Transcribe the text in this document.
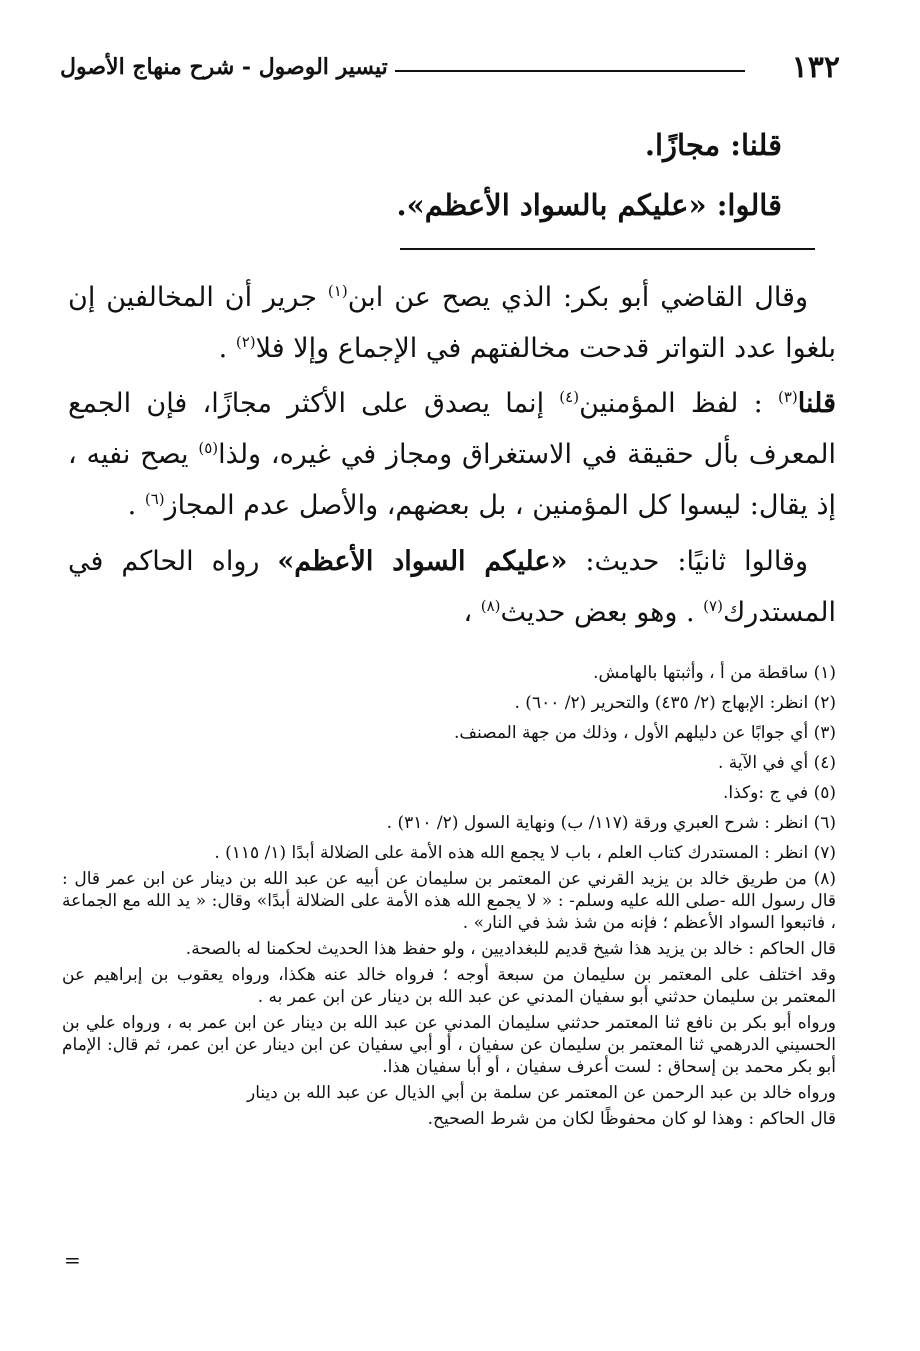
١٣٢
تيسير الوصول - شرح منهاج الأصول
قلنا: مجازًا.
قالوا: «عليكم بالسواد الأعظم».
وقال القاضي أبو بكر: الذي يصح عن ابن$^{(١)}$ جرير أن المخالفين إن بلغوا عدد التواتر قدحت مخالفتهم في الإجماع وإلا فلا$^{(٢)}$ .
قلنا$^{(٣)}$ : لفظ المؤمنين$^{(٤)}$ إنما يصدق على الأكثر مجازًا، فإن الجمع المعرف بأل حقيقة في الاستغراق ومجاز في غيره، ولذا$^{(٥)}$ يصح نفيه ، إذ يقال: ليسوا كل المؤمنين ، بل بعضهم، والأصل عدم المجاز$^{(٦)}$ .
وقالوا ثانيًا: حديث: «عليكم السواد الأعظم» رواه الحاكم في المستدرك$^{(٧)}$ . وهو بعض حديث$^{(٨)}$ ،
(١) ساقطة من أ ، وأثبتها بالهامش.
(٢) انظر: الإبهاج (٢/ ٤٣٥) والتحرير (٢/ ٦٠٠) .
(٣) أي جوابًا عن دليلهم الأول ، وذلك من جهة المصنف.
(٤) أي في الآية .
(٥) في ج :وكذا.
(٦) انظر : شرح العبري ورقة (١١٧/ ب) ونهاية السول (٢/ ٣١٠) .
(٧) انظر : المستدرك كتاب العلم ، باب لا يجمع الله هذه الأمة على الضلالة أبدًا (١/ ١١٥) .
(٨) من طريق خالد بن يزيد القرني عن المعتمر بن سليمان عن أبيه عن عبد الله بن دينار عن ابن عمر قال : قال رسول الله -صلى الله عليه وسلم- : « لا يجمع الله هذه الأمة على الضلالة أبدًا» وقال: « يد الله مع الجماعة ، فاتبعوا السواد الأعظم ؛ فإنه من شذ شذ في النار» .
قال الحاكم : خالد بن يزيد هذا شيخ قديم للبغداديين ، ولو حفظ هذا الحديث لحكمنا له بالصحة.
وقد اختلف على المعتمر بن سليمان من سبعة أوجه ؛ فرواه خالد عنه هكذا، ورواه يعقوب بن إبراهيم عن المعتمر بن سليمان حدثني أبو سفيان المدني عن عبد الله بن دينار عن ابن عمر به .
ورواه أبو بكر بن نافع ثنا المعتمر حدثني سليمان المدني عن عبد الله بن دينار عن ابن عمر به ، ورواه علي بن الحسيني الدرهمي ثنا المعتمر بن سليمان عن سفيان ، أو أبي سفيان عن ابن دينار عن ابن عمر، ثم قال: الإمام أبو بكر محمد بن إسحاق : لست أعرف سفيان ، أو أبا سفيان هذا.
ورواه خالد بن عبد الرحمن عن المعتمر عن سلمة بن أبي الذيال عن عبد الله بن دينار
قال الحاكم : وهذا لو كان محفوظًا لكان من شرط الصحيح.
=
